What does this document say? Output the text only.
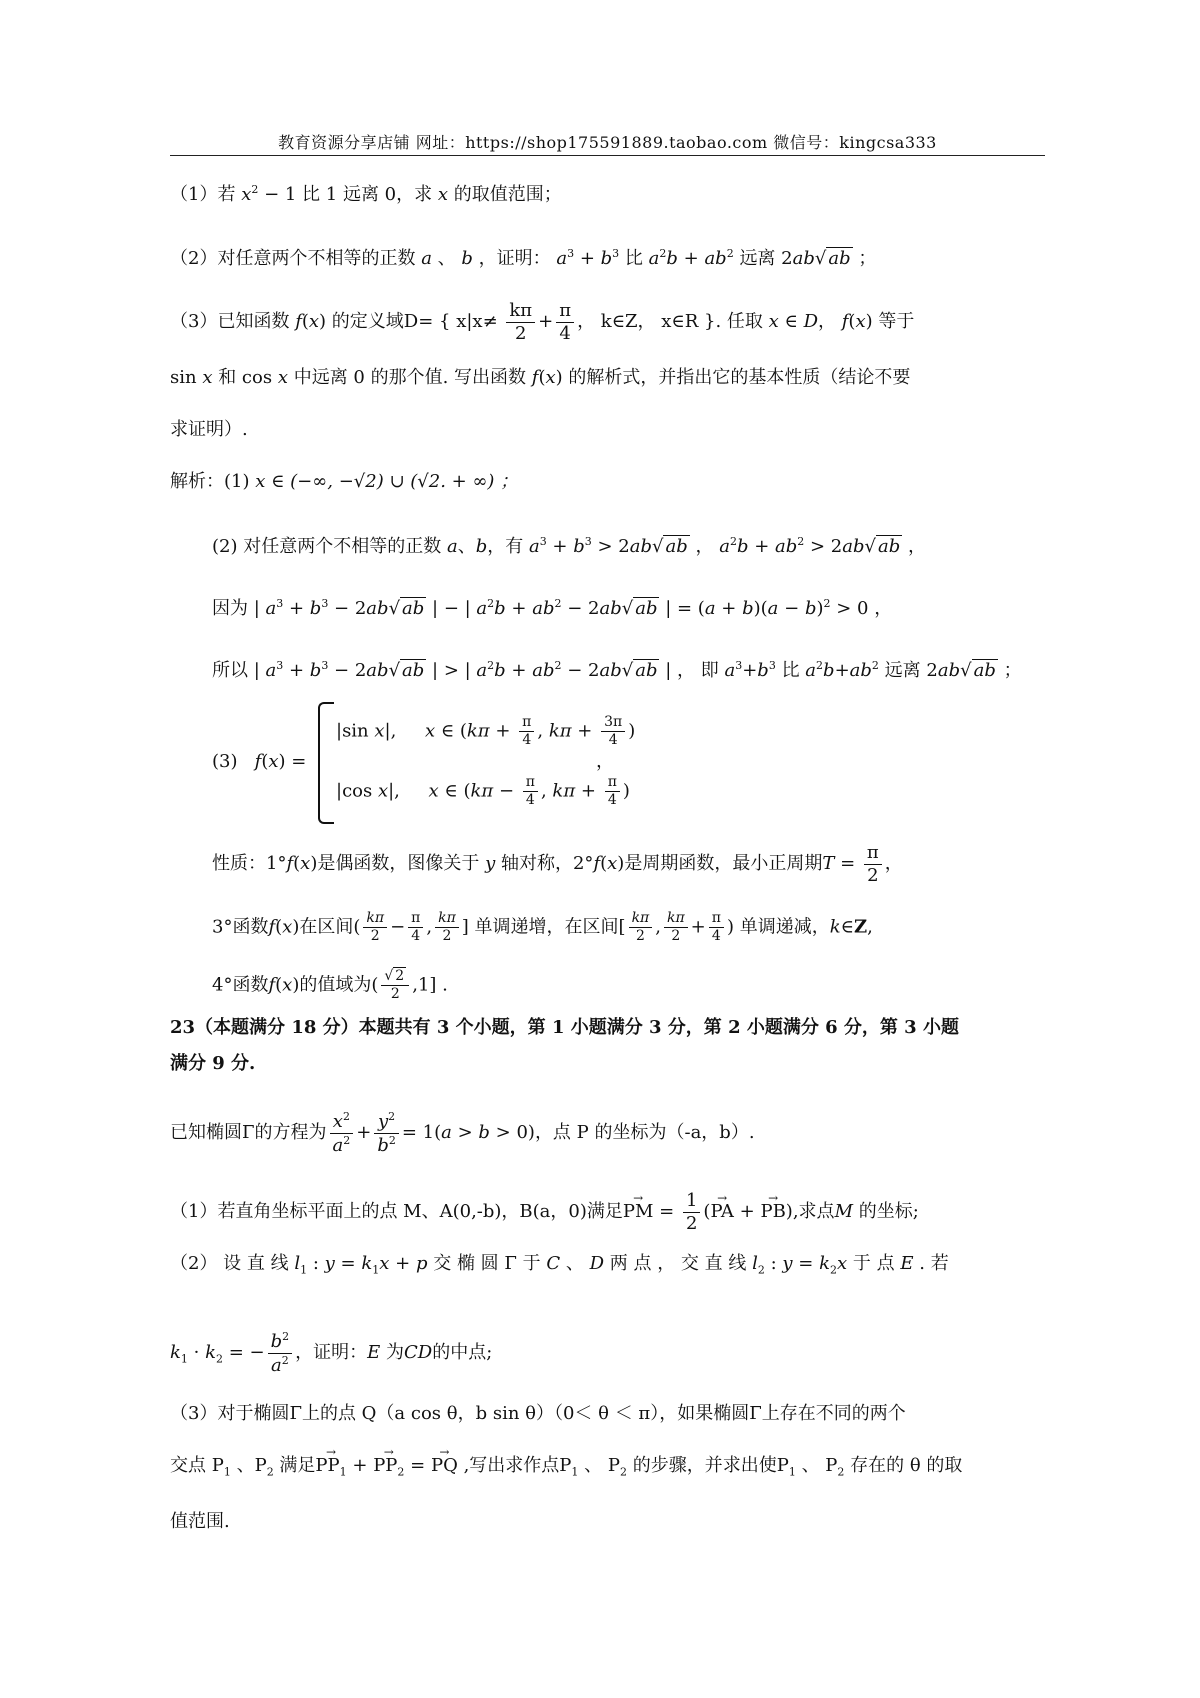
教育资源分享店铺 网址：https://shop175591889.taobao.com 微信号：kingcsa333
（1）若 $x^2 - 1$ 比 1 远离 0，求 x 的取值范围；
（2）对任意两个不相等的正数 a 、 b ，证明： $a^3 + b^3$ 比 $a^2b + ab^2$ 远离 2ab√ ab ；
（3）已知函数 f(x) 的定义域D= { $x|x\ne \frac{k\pi}{2} + \frac{\pi}{4}$ ， k∈Z， x∈R }. 任取 x ∈ D， f(x) 等于
sin x 和 cos x 中远离 0 的那个值. 写出函数 f(x) 的解析式，并指出它的基本性质（结论不要
求证明）.
解析：(1) x ∈ (−∞, −√2) ∪ (√2. + ∞) ；
(2) 对任意两个不相等的正数 a、b，有 $a^3 + b^3 > 2ab√$ ab ， $a^2b + ab^2 > 2ab√$ ab ，
因为 | $a^3 + b^3 - 2ab√$ ab | − | $a^2b + ab^2 - 2ab√$ ab | = $(a + b)(a - b)^2 > 0$ ，
所以 | $a^3 + b^3 - 2ab√$ ab | > | $a^2b + ab^2 - 2ab√$ ab | ， 即 $a^3+b^3$ 比 $a^2b+ab^2$ 远离 2ab√ ab ；
(3) f(x) =
|sin x|,     x ∈ ($k\pi + \frac{\pi}{4}$ , $k\pi + \frac{3\pi}{4}$ )
|cos x|,     x ∈ ($k\pi - \frac{\pi}{4}$ , $k\pi + \frac{\pi}{4}$ )
，
性质：1°f(x)是偶函数，图像关于 y 轴对称，2°f(x)是周期函数，最小正周期$T = \frac{\pi}{2}$ ，
3°函数f(x)在区间( $\frac{k\pi}{2} - \frac{\pi}{4}$ , $\frac{k\pi}{2}$ ] 单调递增，在区间[ $\frac{k\pi}{2}$ , $\frac{k\pi}{2} + \frac{\pi}{4}$ ) 单调递减，k∈Z,
4°函数f(x)的值域为( $\frac{√ 2}{2} ,1$] .
23（本题满分 18 分）本题共有 3 个小题，第 1 小题满分 3 分，第 2 小题满分 6 分，第 3 小题
满分 9 分.
已知椭圆Γ的方程为 $\frac{x^2}{a^2} + \frac{y^2}{b^2} = 1(a > b > 0)$，点 P 的坐标为（-a，b）.
（1）若直角坐标平面上的点 M、A(0,-b)，B(a，0)满足→ PM = $\frac{1}{2}$ (→ PA + → PB),求点M 的坐标;
（2） 设 直 线 $l_1$ : $y = k_1x + p$ 交 椭 圆 Γ 于 C 、 D 两 点 ， 交 直 线 $l_2$ : $y = k_2x$ 于 点 E . 若
$k_1 \cdot k_2$ = − $\frac{b^2}{a^2}$ ，证明：E 为CD的中点;
（3）对于椭圆Γ上的点 Q（a cos θ，b sin θ）（0＜ θ ＜ π），如果椭圆Γ上存在不同的两个
交点 $P_1$ 、$P_2$ 满足→ $PP_1$ + → $PP_2$ = → PQ ,写出求作点$P_1$ 、 $P_2$ 的步骤，并求出使$P_1$ 、 $P_2$ 存在的 θ 的取
值范围.
